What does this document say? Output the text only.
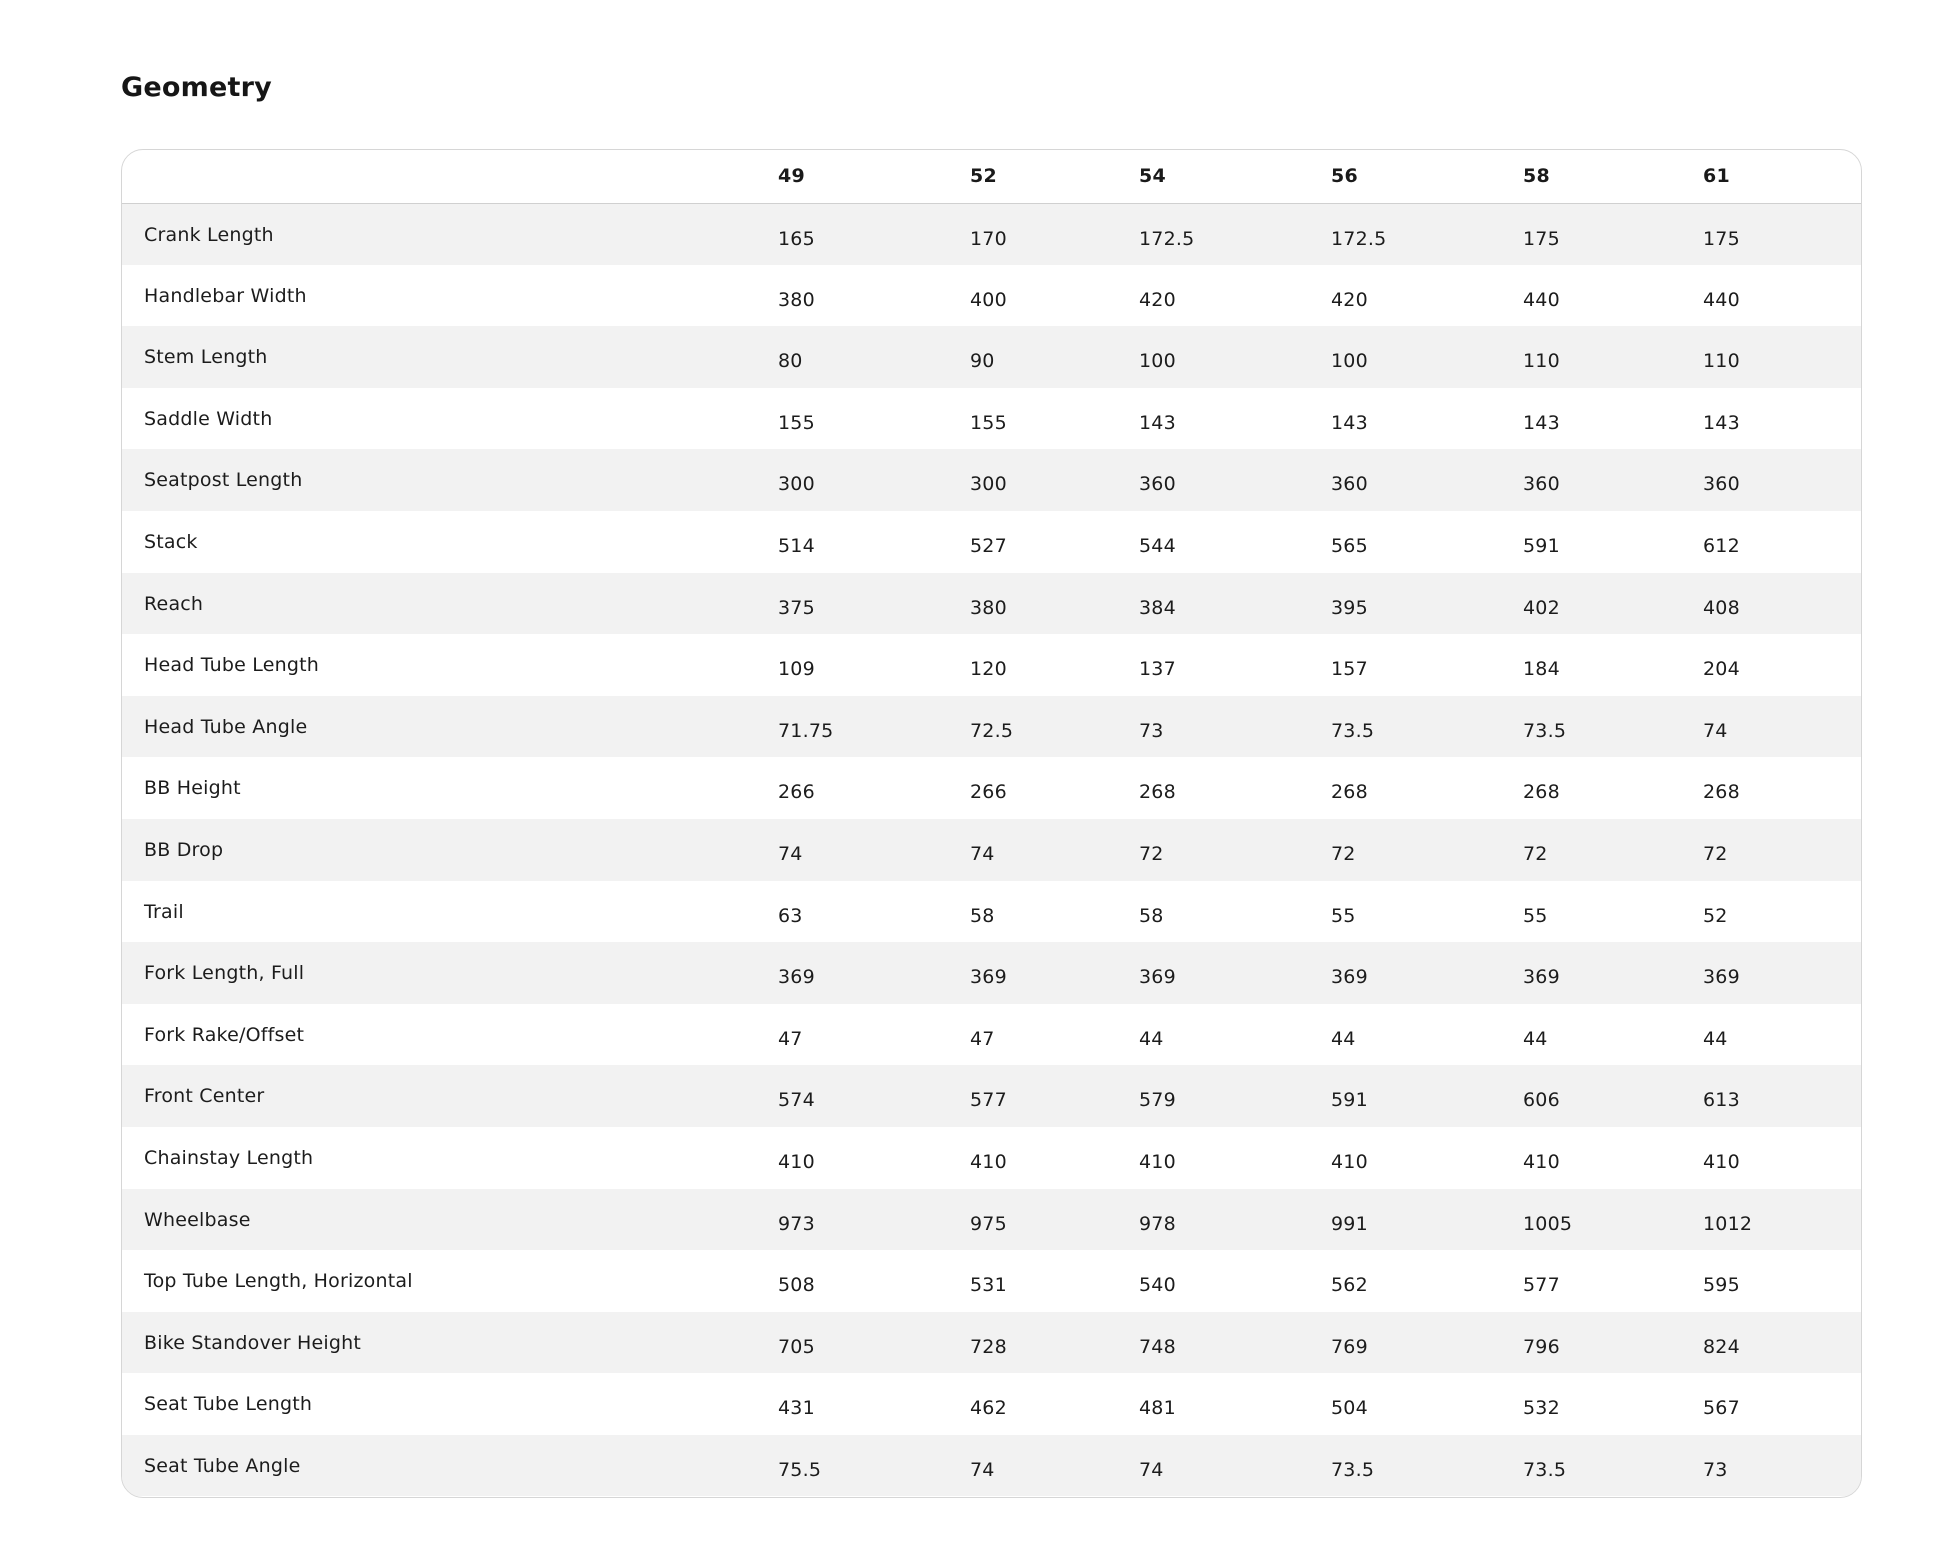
Geometry
	49	52	54	56	58	61
Crank Length	165	170	172.5	172.5	175	175
Handlebar Width	380	400	420	420	440	440
Stem Length	80	90	100	100	110	110
Saddle Width	155	155	143	143	143	143
Seatpost Length	300	300	360	360	360	360
Stack	514	527	544	565	591	612
Reach	375	380	384	395	402	408
Head Tube Length	109	120	137	157	184	204
Head Tube Angle	71.75	72.5	73	73.5	73.5	74
BB Height	266	266	268	268	268	268
BB Drop	74	74	72	72	72	72
Trail	63	58	58	55	55	52
Fork Length, Full	369	369	369	369	369	369
Fork Rake/Offset	47	47	44	44	44	44
Front Center	574	577	579	591	606	613
Chainstay Length	410	410	410	410	410	410
Wheelbase	973	975	978	991	1005	1012
Top Tube Length, Horizontal	508	531	540	562	577	595
Bike Standover Height	705	728	748	769	796	824
Seat Tube Length	431	462	481	504	532	567
Seat Tube Angle	75.5	74	74	73.5	73.5	73
